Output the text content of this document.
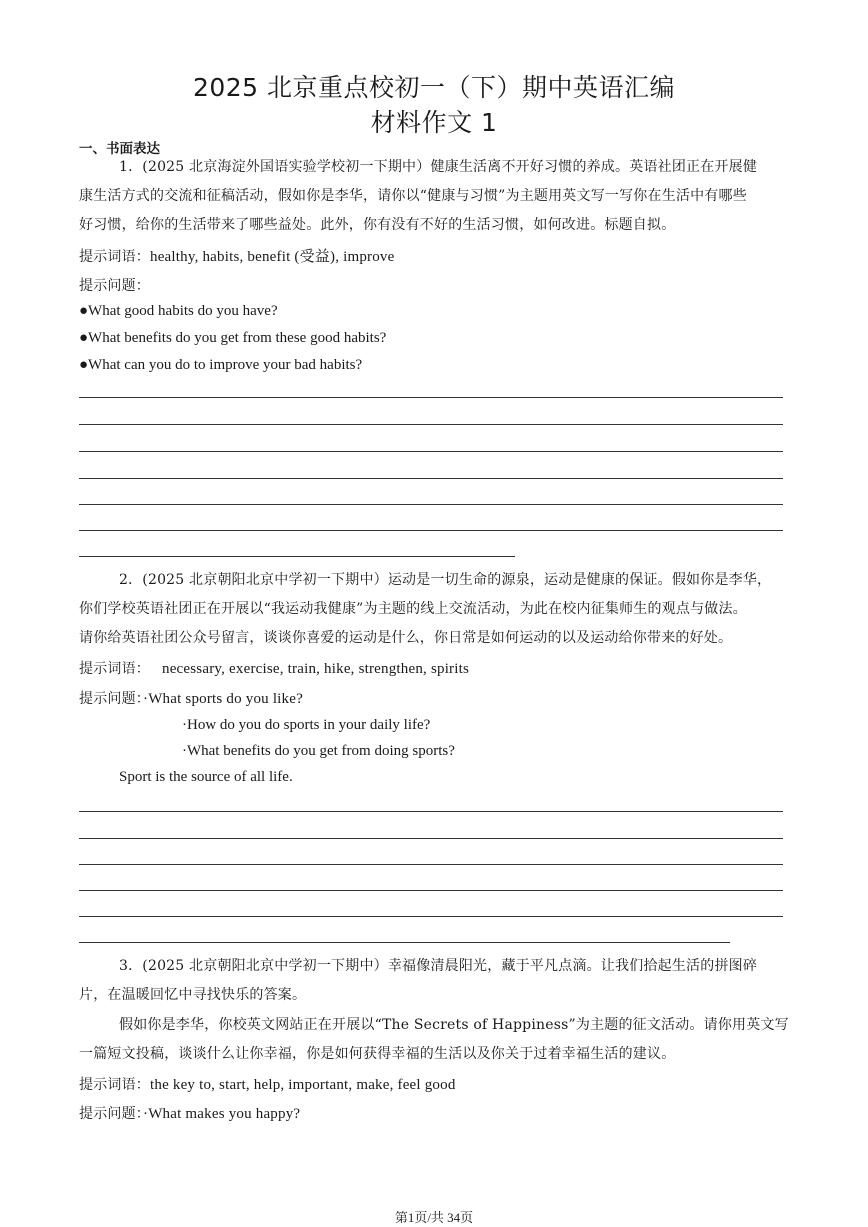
2025 北京重点校初一（下）期中英语汇编
材料作文 1
一、书面表达
1．(2025 北京海淀外国语实验学校初一下期中）健康生活离不开好习惯的养成。英语社团正在开展健
康生活方式的交流和征稿活动，假如你是李华，请你以“健康与习惯”为主题用英文写一写你在生活中有哪些
好习惯，给你的生活带来了哪些益处。此外，你有没有不好的生活习惯，如何改进。标题自拟。
提示词语：healthy, habits, benefit (受益), improve
提示问题：
●What good habits do you have?
●What benefits do you get from these good habits?
●What can you do to improve your bad habits?
2．(2025 北京朝阳北京中学初一下期中）运动是一切生命的源泉，运动是健康的保证。假如你是李华，
你们学校英语社团正在开展以“我运动我健康”为主题的线上交流活动，为此在校内征集师生的观点与做法。
请你给英语社团公众号留言，谈谈你喜爱的运动是什么，你日常是如何运动的以及运动给你带来的好处。
提示词语： necessary, exercise, train, hike, strengthen, spirits
提示问题：·What sports do you like?
·How do you do sports in your daily life?
·What benefits do you get from doing sports?
Sport is the source of all life.
3．(2025 北京朝阳北京中学初一下期中）幸福像清晨阳光，藏于平凡点滴。让我们拾起生活的拼图碎
片，在温暖回忆中寻找快乐的答案。
假如你是李华，你校英文网站正在开展以“The Secrets of Happiness”为主题的征文活动。请你用英文写
一篇短文投稿，谈谈什么让你幸福，你是如何获得幸福的生活以及你关于过着幸福生活的建议。
提示词语：the key to, start, help, important, make, feel good
提示问题：·What makes you happy?
第1页/共 34页
